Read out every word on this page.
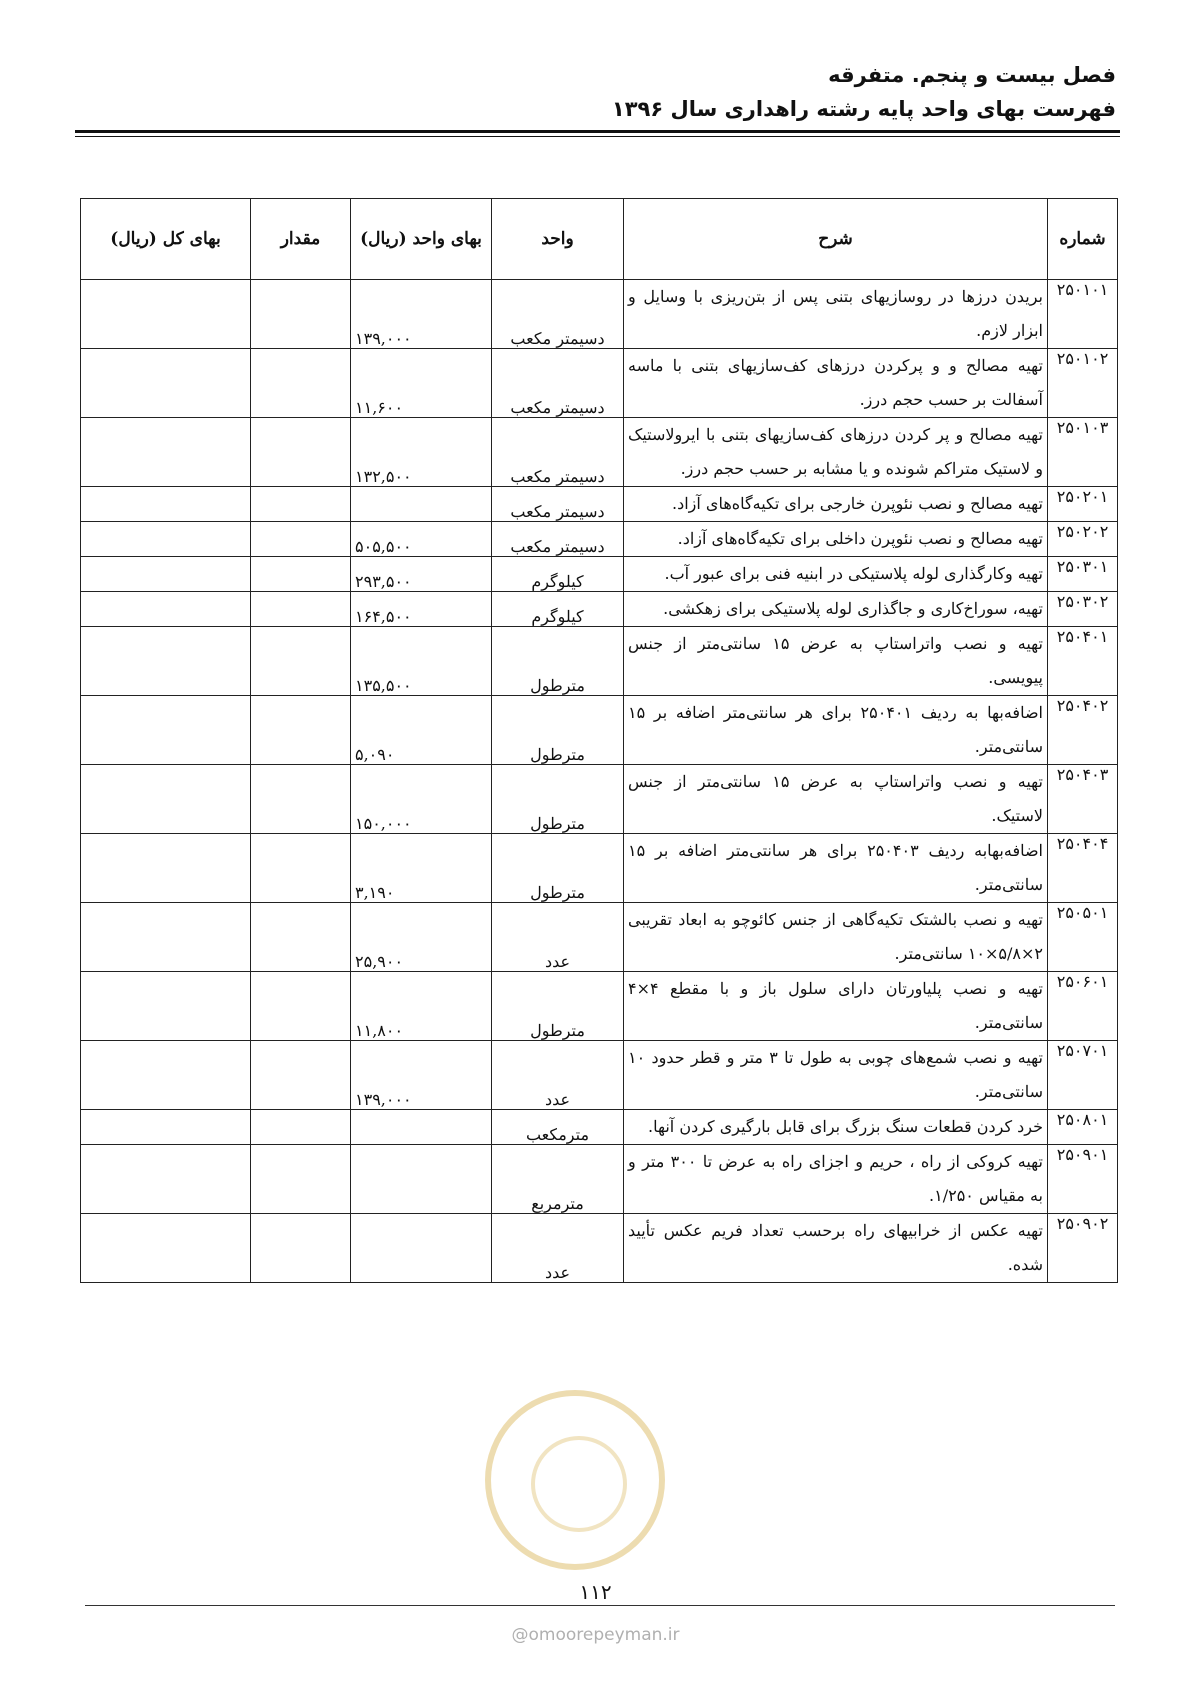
فصل بیست و پنجم. متفرقه
فهرست بهای واحد پایه رشته راهداری سال ۱۳۹۶
شماره	شرح	واحد	بهای واحد (ریال)	مقدار	بهای کل (ریال)
۲۵۰۱۰۱	بریدن درزها در روسازیهای بتنی پس از بتن‌ریزی با وسایل و ابزار لازم.	دسیمتر مکعب	۱۳۹,۰۰۰		
۲۵۰۱۰۲	تهیه مصالح و و پرکردن درزهای کف‌سازیهای بتنی با ماسه آسفالت بر حسب حجم درز.	دسیمتر مکعب	۱۱,۶۰۰		
۲۵۰۱۰۳	تهیه مصالح و پر کردن درزهای کف‌سازیهای بتنی با ایرولاستیک و لاستیک متراکم شونده و یا مشابه بر حسب حجم درز.	دسیمتر مکعب	۱۳۲,۵۰۰		
۲۵۰۲۰۱	تهیه مصالح و نصب نئوپرن خارجی برای تکیه‌گاه‌های آزاد.	دسیمتر مکعب			
۲۵۰۲۰۲	تهیه مصالح و نصب نئوپرن داخلی برای تکیه‌گاه‌های آزاد.	دسیمتر مکعب	۵۰۵,۵۰۰		
۲۵۰۳۰۱	تهیه وکارگذاری لوله پلاستیکی در ابنیه فنی برای عبور آب.	کیلوگرم	۲۹۳,۵۰۰		
۲۵۰۳۰۲	تهیه، سوراخ‌کاری و جاگذاری لوله پلاستیکی برای زهکشی.	کیلوگرم	۱۶۴,۵۰۰		
۲۵۰۴۰۱	تهیه و نصب واتراستاپ به عرض ۱۵ سانتی‌متر از جنس پیویسی.	مترطول	۱۳۵,۵۰۰		
۲۵۰۴۰۲	اضافه‌بها به ردیف ۲۵۰۴۰۱ برای هر سانتی‌متر اضافه بر ۱۵ سانتی‌متر.	مترطول	۵,۰۹۰		
۲۵۰۴۰۳	تهیه و نصب واتراستاپ به عرض ۱۵ سانتی‌متر از جنس لاستیک.	مترطول	۱۵۰,۰۰۰		
۲۵۰۴۰۴	اضافه‌بهابه ردیف ۲۵۰۴۰۳ برای هر سانتی‌متر اضافه بر ۱۵ سانتی‌متر.	مترطول	۳,۱۹۰		
۲۵۰۵۰۱	تهیه و نصب بالشتک تکیه‌گاهی از جنس کائوچو به ابعاد تقریبی ۲×۵/۸×۱۰ سانتی‌متر.	عدد	۲۵,۹۰۰		
۲۵۰۶۰۱	تهیه و نصب پلیاورتان دارای سلول باز و با مقطع ۴×۴ سانتی‌متر.	مترطول	۱۱,۸۰۰		
۲۵۰۷۰۱	تهیه و نصب شمع‌های چوبی به طول تا ۳ متر و قطر حدود ۱۰ سانتی‌متر.	عدد	۱۳۹,۰۰۰		
۲۵۰۸۰۱	خرد کردن قطعات سنگ بزرگ برای قابل بارگیری کردن آنها.	مترمکعب			
۲۵۰۹۰۱	تهیه کروکی از راه ، حریم و اجزای راه به عرض تا ۳۰۰ متر و به مقیاس ۱/۲۵۰.	مترمربع			
۲۵۰۹۰۲	تهیه عکس از خرابیهای راه برحسب تعداد فریم عکس تأیید شده.	عدد			
۱۱۲
@omoorepeyman.ir
